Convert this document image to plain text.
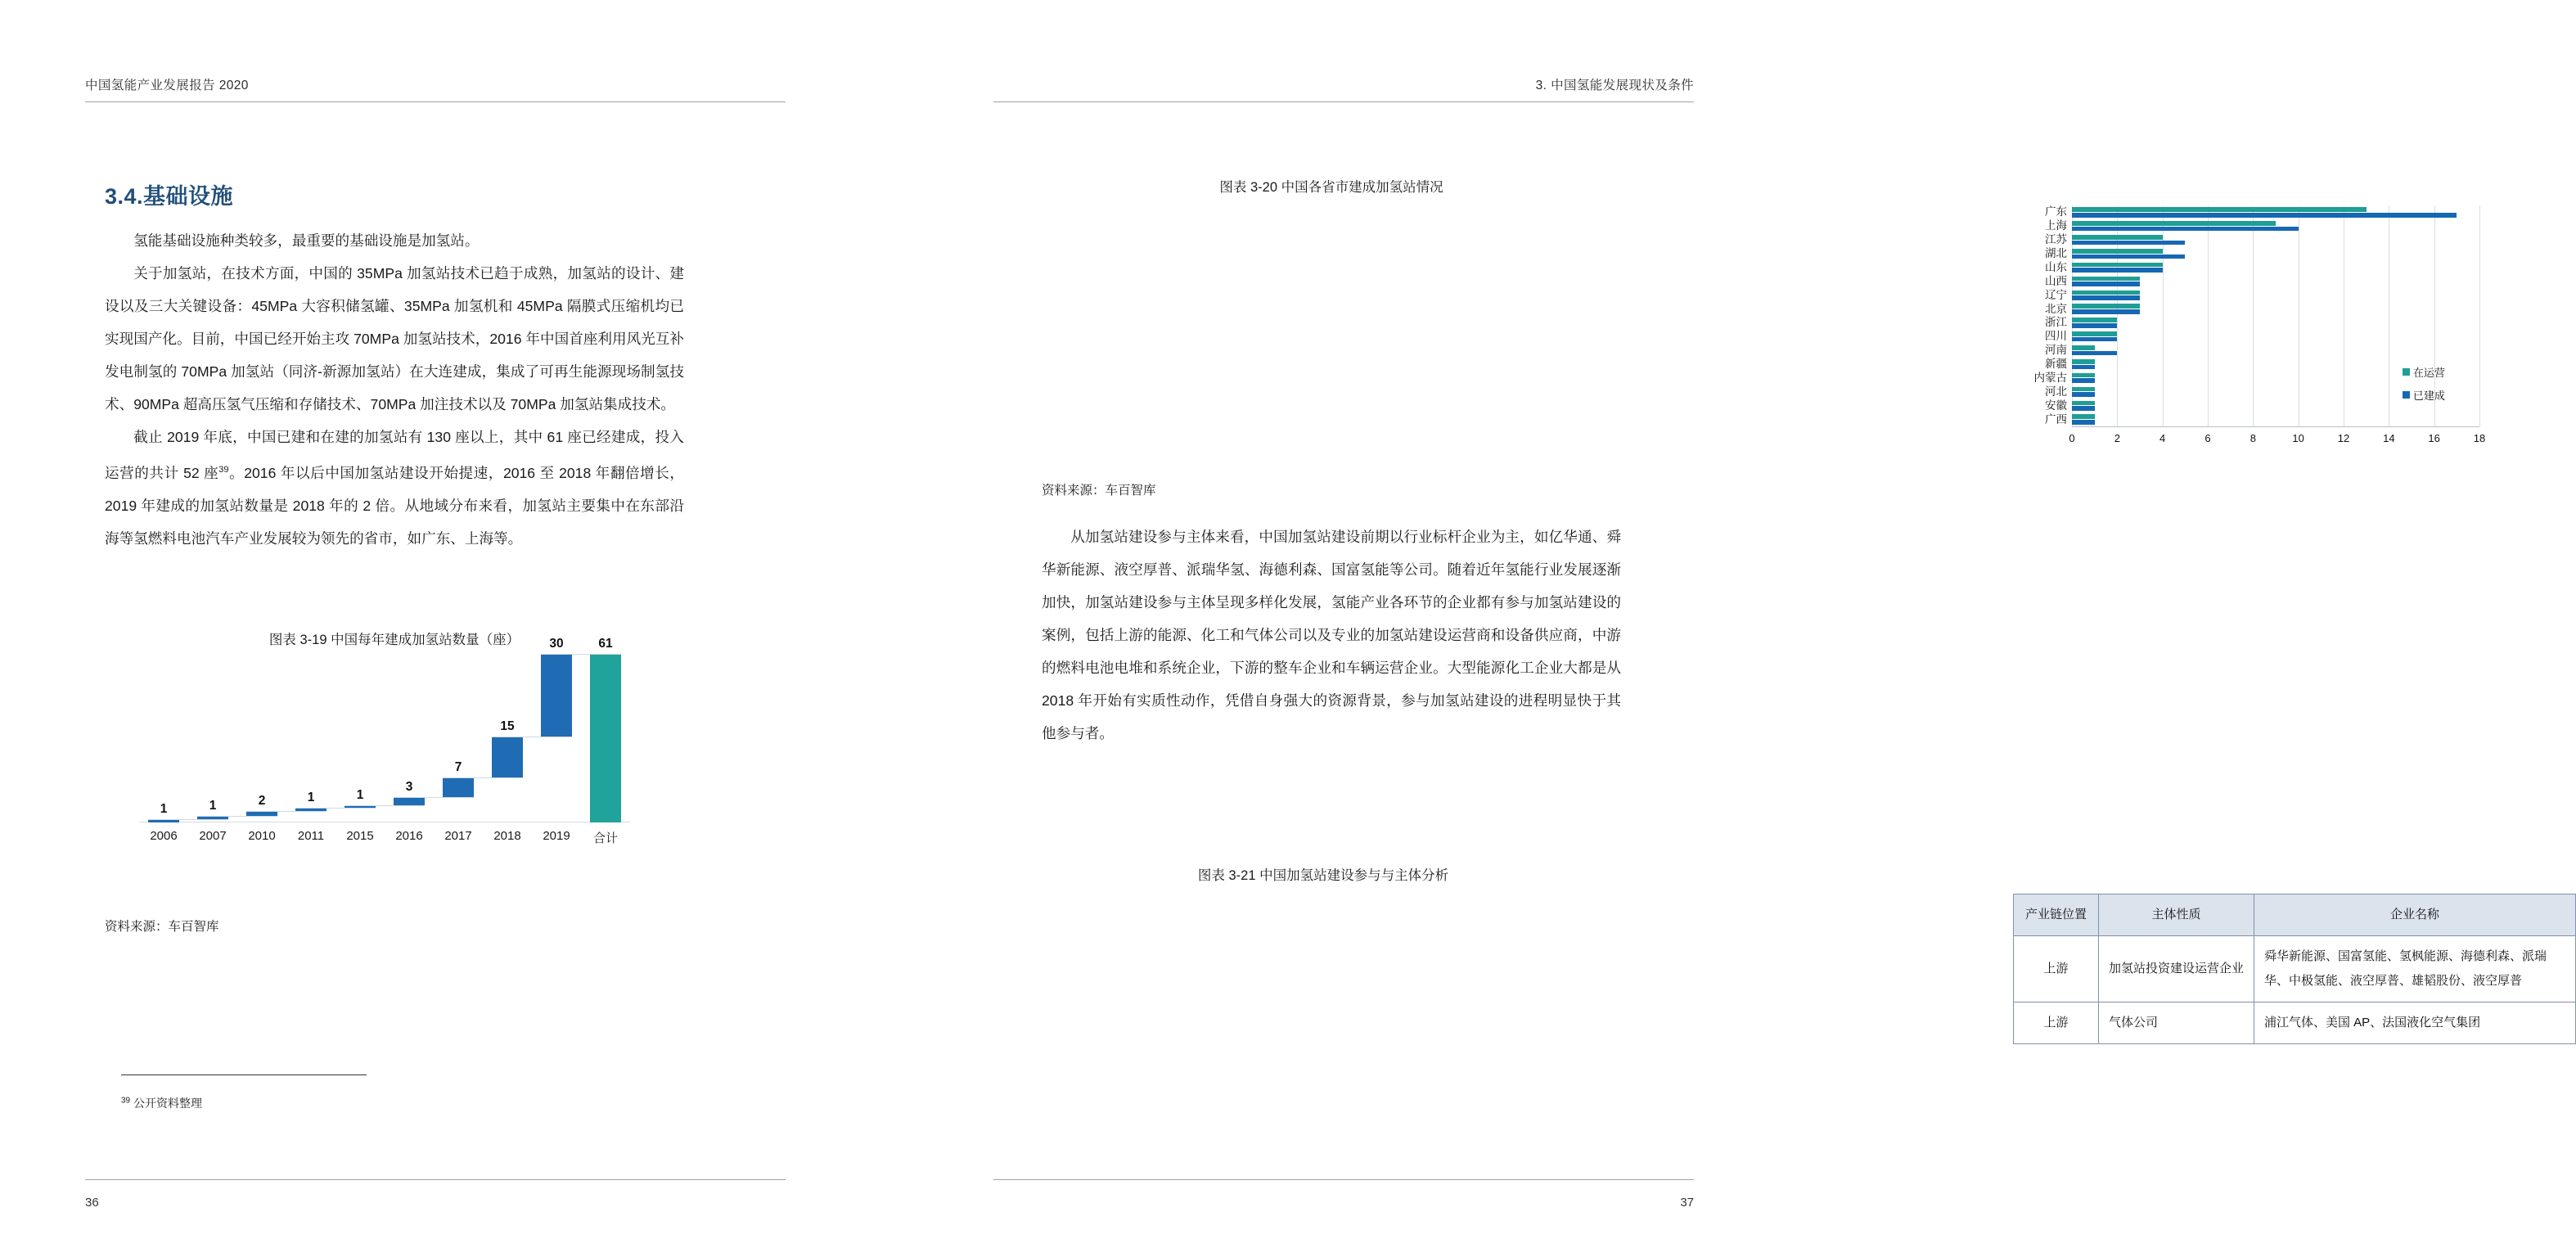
中国氢能产业发展报告 2020
3.4.基础设施

氢能基础设施种类较多，最重要的基础设施是加氢站。

关于加氢站，在技术方面，中国的 35MPa 加氢站技术已趋于成熟，加氢站的设计、建设以及三大关键设备：45MPa 大容积储氢罐、35MPa 加氢机和 45MPa 隔膜式压缩机均已实现国产化。目前，中国已经开始主攻 70MPa 加氢站技术，2016 年中国首座利用风光互补发电制氢的 70MPa 加氢站（同济-新源加氢站）在大连建成，集成了可再生能源现场制氢技术、90MPa 超高压氢气压缩和存储技术、70MPa 加注技术以及 70MPa 加氢站集成技术。

截止 2019 年底，中国已建和在建的加氢站有 130 座以上，其中 61 座已经建成，投入运营的共计 52 座$^{39}$。2016 年以后中国加氢站建设开始提速，2016 至 2018 年翻倍增长，2019 年建成的加氢站数量是 2018 年的 2 倍。从地域分布来看，加氢站主要集中在东部沿海等氢燃料电池汽车产业发展较为领先的省市，如广东、上海等。

图表 3-19 中国每年建成加氢站数量（座）
1	1	2	1	1
3
7
15
30	61
2006 2007 2010 2011 2015 2016 2017 2018 2019 合计
资料来源：车百智库
$^{39}$ 公开资料整理
36
3. 中国氢能发展现状及条件
图表 3-20 中国各省市建成加氢站情况
广东
上海
江苏
湖北
山东
山西
辽宁
北京
浙江
四川
河南
新疆
内蒙古
河北
安徽
广西
0	2	4	6	8	10	12	14	16	18
在运营
已建成
资料来源：车百智库

从加氢站建设参与主体来看，中国加氢站建设前期以行业标杆企业为主，如亿华通、舜华新能源、液空厚普、派瑞华氢、海德利森、国富氢能等公司。随着近年氢能行业发展逐渐加快，加氢站建设参与主体呈现多样化发展，氢能产业各环节的企业都有参与加氢站建设的案例，包括上游的能源、化工和气体公司以及专业的加氢站建设运营商和设备供应商，中游的燃料电池电堆和系统企业，下游的整车企业和车辆运营企业。大型能源化工企业大都是从 2018 年开始有实质性动作，凭借自身强大的资源背景，参与加氢站建设的进程明显快于其他参与者。

图表 3-21 中国加氢站建设参与与主体分析
产业链位置	主体性质	企业名称
上游	加氢站投资建设运营企业	舜华新能源、国富氢能、氢枫能源、海德利森、派瑞华、中极氢能、液空厚普、雄韬股份、液空厚普
上游	气体公司	浦江气体、美国 AP、法国液化空气集团
37
